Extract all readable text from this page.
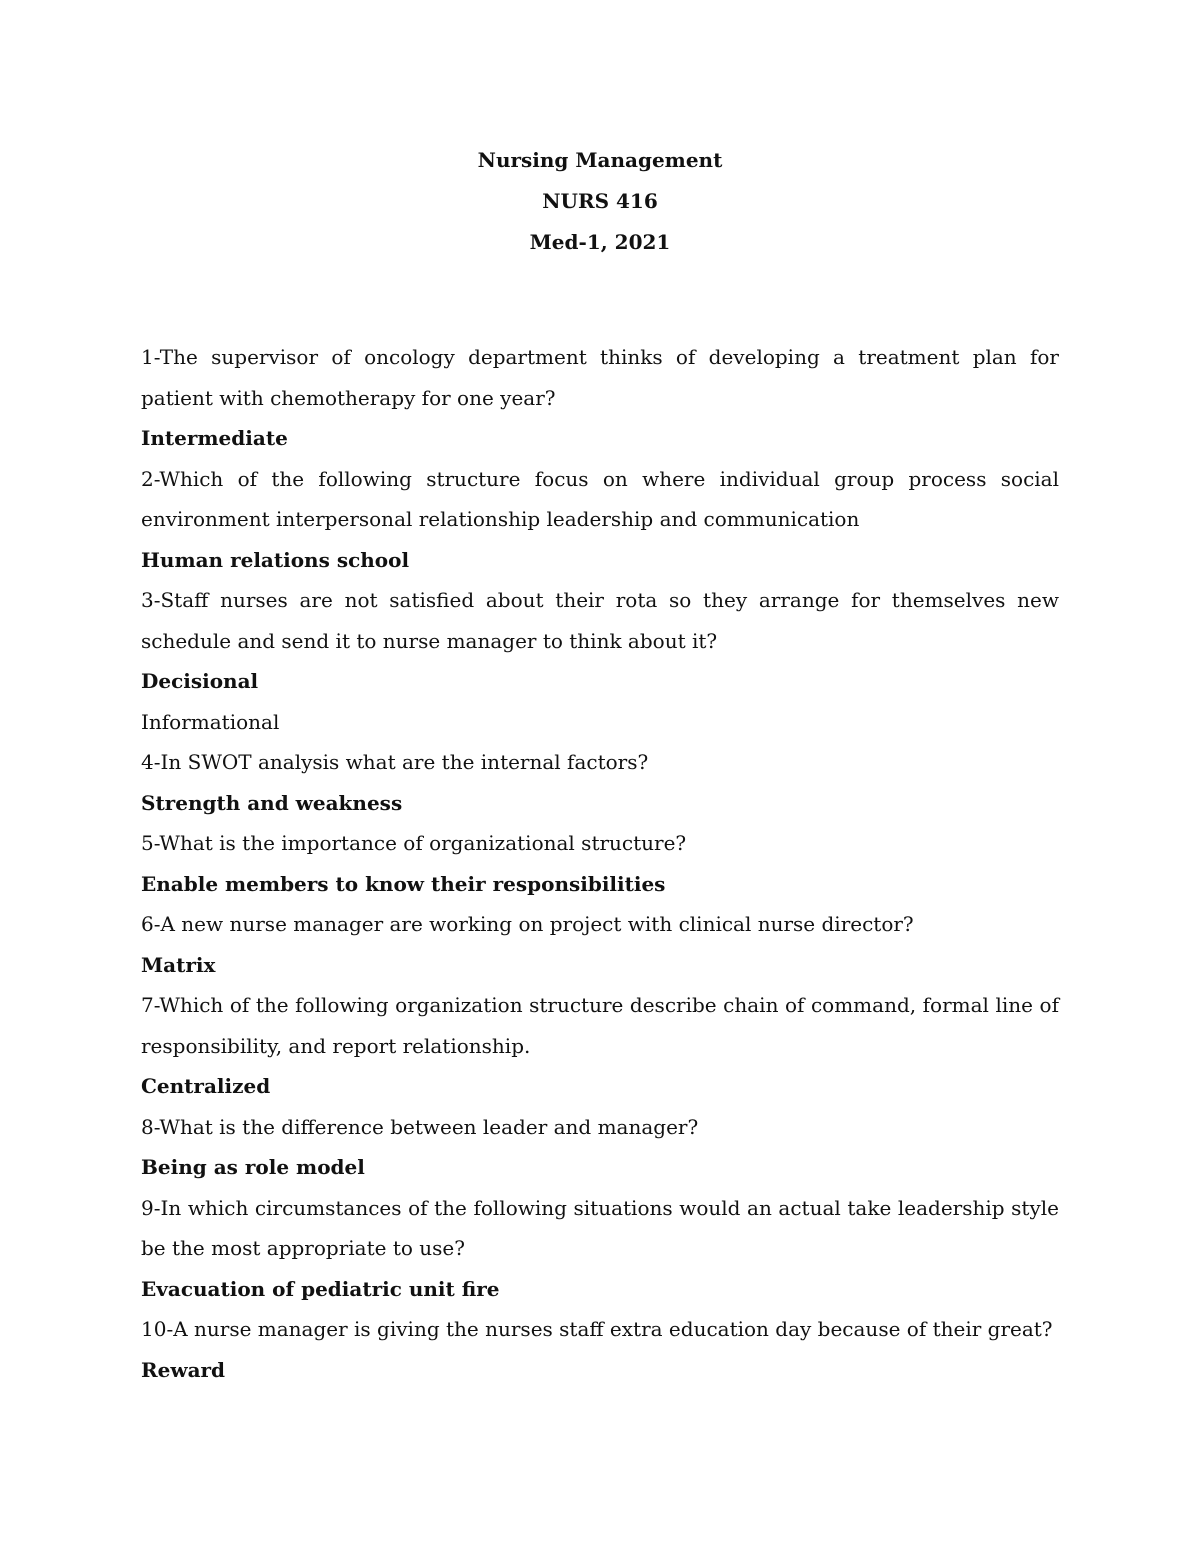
Nursing Management
NURS 416
Med-1, 2021

1-The supervisor of oncology department thinks of developing a treatment plan for patient with chemotherapy for one year?

Intermediate

2-Which of the following structure focus on where individual group process social environment interpersonal relationship leadership and communication

Human relations school

3-Staff nurses are not satisfied about their rota so they arrange for themselves new schedule and send it to nurse manager to think about it?

Decisional

Informational

4-In SWOT analysis what are the internal factors?

Strength and weakness

5-What is the importance of organizational structure?

Enable members to know their responsibilities

6-A new nurse manager are working on project with clinical nurse director?

Matrix

7-Which of the following organization structure describe chain of command, formal line of responsibility, and report relationship.

Centralized

8-What is the difference between leader and manager?

Being as role model

9-In which circumstances of the following situations would an actual take leadership style be the most appropriate to use?

Evacuation of pediatric unit fire

10-A nurse manager is giving the nurses staff extra education day because of their great?

Reward
